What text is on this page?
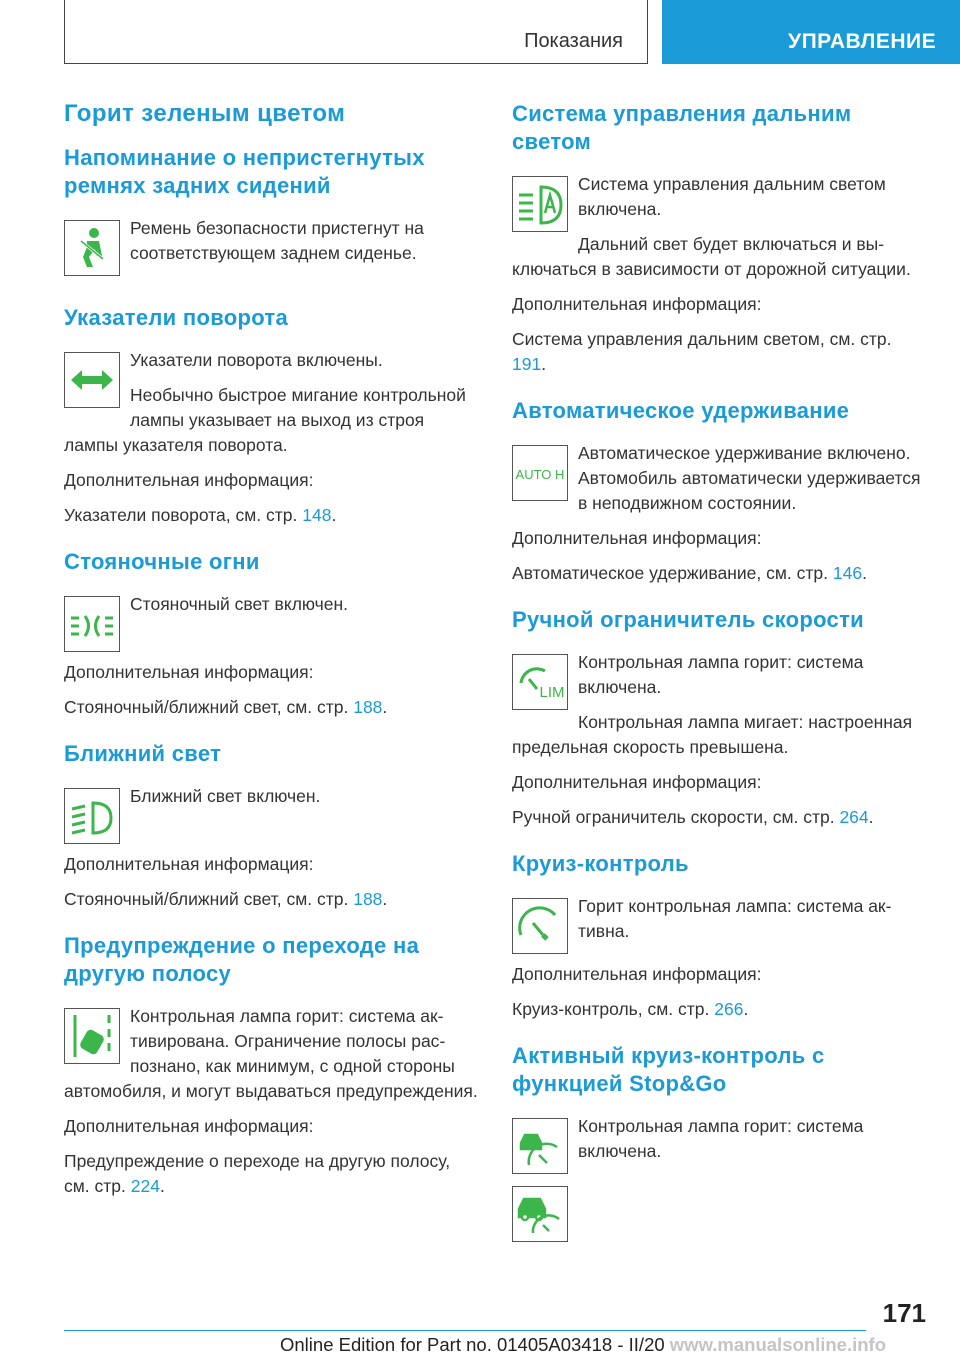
Показания	УПРАВЛЕНИЕ
Горит зеленым цветом
Напоминание о непристегнутых ремнях задних сидений

Ремень безопасности пристегнут на соответствующем заднем сиденье.

Указатели поворота

Указатели поворота включены.

Необычно быстрое мигание контрольной лампы указывает на выход из строя лампы указателя поворота.

Дополнительная информация:

Указатели поворота, см. стр. 148.

Стояночные огни

Стояночный свет включен.

Дополнительная информация:

Стояночный/ближний свет, см. стр. 188.

Ближний свет

Ближний свет включен.

Дополнительная информация:

Стояночный/ближний свет, см. стр. 188.

Предупреждение о переходе на другую полосу

Контрольная лампа горит: система активирована. Ограничение полосы распознано, как минимум, с одной стороны автомобиля, и могут выдаваться предупреждения.

Дополнительная информация:

Предупреждение о переходе на другую полосу, см. стр. 224.

Система управления дальним светом

Система управления дальним светом включена.

Дальний свет будет включаться и выключаться в зависимости от дорожной ситуации.

Дополнительная информация:

Система управления дальним светом, см. стр. 191.

Автоматическое удерживание
AUTO H

Автоматическое удерживание включено. Автомобиль автоматически удерживается в неподвижном состоянии.

Дополнительная информация:

Автоматическое удерживание, см. стр. 146.

Ручной ограничитель скорости
LIM

Контрольная лампа горит: система включена.

Контрольная лампа мигает: настроенная предельная скорость превышена.

Дополнительная информация:

Ручной ограничитель скорости, см. стр. 264.

Круиз-контроль

Горит контрольная лампа: система активна.

Дополнительная информация:

Круиз-контроль, см. стр. 266.

Активный круиз-контроль с функцией Stop&Go

Контрольная лампа горит: система включена.

171
Online Edition for Part no. 01405A03418 - II/20 www.manualsonline.info
